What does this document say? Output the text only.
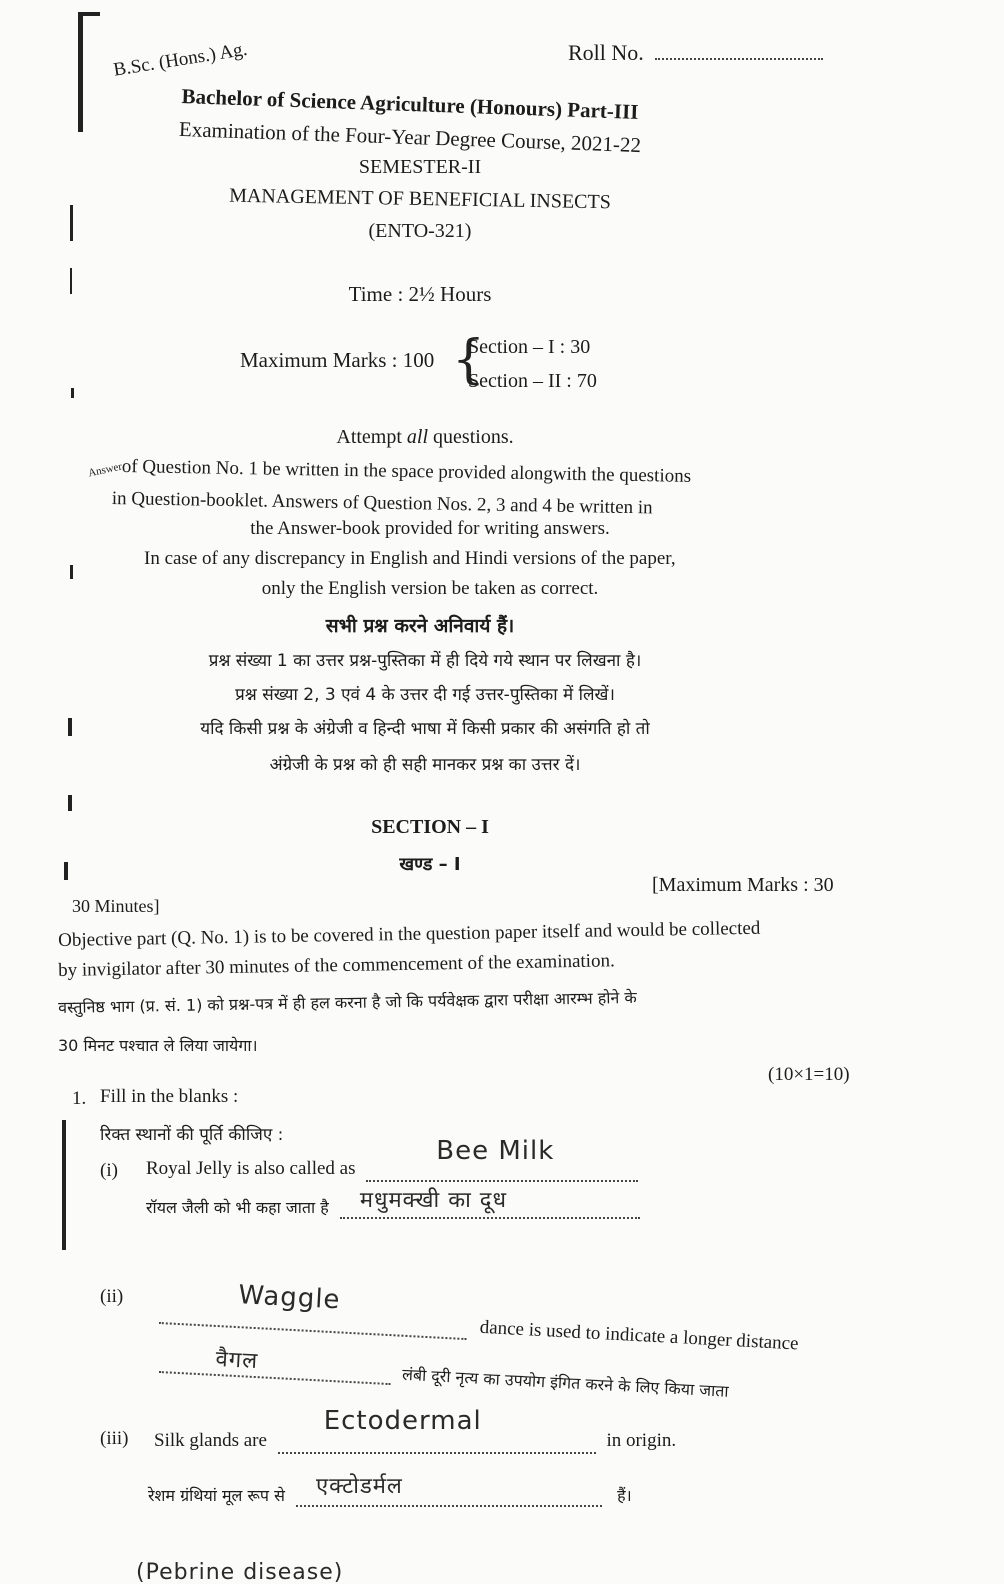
Roll No.
B.Sc. (Hons.) Ag.
Bachelor of Science Agriculture (Honours) Part-III
Examination of the Four-Year Degree Course, 2021-22
SEMESTER-II
MANAGEMENT OF BENEFICIAL INSECTS
(ENTO-321)
Time : 2½ Hours
Maximum Marks : 100 {
Section – I : 30
Section – II : 70
Attempt all questions.
Answer
of Question No. 1 be written in the space provided alongwith the questions
in Question-booklet. Answers of Question Nos. 2, 3 and 4 be written in
the Answer-book provided for writing answers.
In case of any discrepancy in English and Hindi versions of the paper,
only the English version be taken as correct.
सभी प्रश्न करने अनिवार्य हैं।
प्रश्न संख्या 1 का उत्तर प्रश्न-पुस्तिका में ही दिये गये स्थान पर लिखना है।
प्रश्न संख्या 2, 3 एवं 4 के उत्तर दी गई उत्तर-पुस्तिका में लिखें।
यदि किसी प्रश्न के अंग्रेजी व हिन्दी भाषा में किसी प्रकार की असंगति हो तो
अंग्रेजी के प्रश्न को ही सही मानकर प्रश्न का उत्तर दें।
SECTION – I
खण्ड – I
[Maximum Marks : 30
30 Minutes]
Objective part (Q. No. 1) is to be covered in the question paper itself and would be collected
by invigilator after 30 minutes of the commencement of the examination.
वस्तुनिष्ठ भाग (प्र. सं. 1) को प्रश्न-पत्र में ही हल करना है जो कि पर्यवेक्षक द्वारा परीक्षा आरम्भ होने के
30 मिनट पश्चात ले लिया जायेगा।
(10×1=10)
1. Fill in the blanks :
रिक्त स्थानों की पूर्ति कीजिए :
(i) Royal Jelly is also called as
Bee Milk

रॉयल जैली को भी कहा जाता है मधुमक्खी का दूध

(ii)	Waggle
dance is used to indicate a longer distance
वैगल
लंबी दूरी नृत्य का उपयोग इंगित करने के लिए किया जाता
(iii) Silk glands are
Ectodermal
in origin.
रेशम ग्रंथियां मूल रूप से एक्टोडर्मल	हैं।
(Pebrine disease)
